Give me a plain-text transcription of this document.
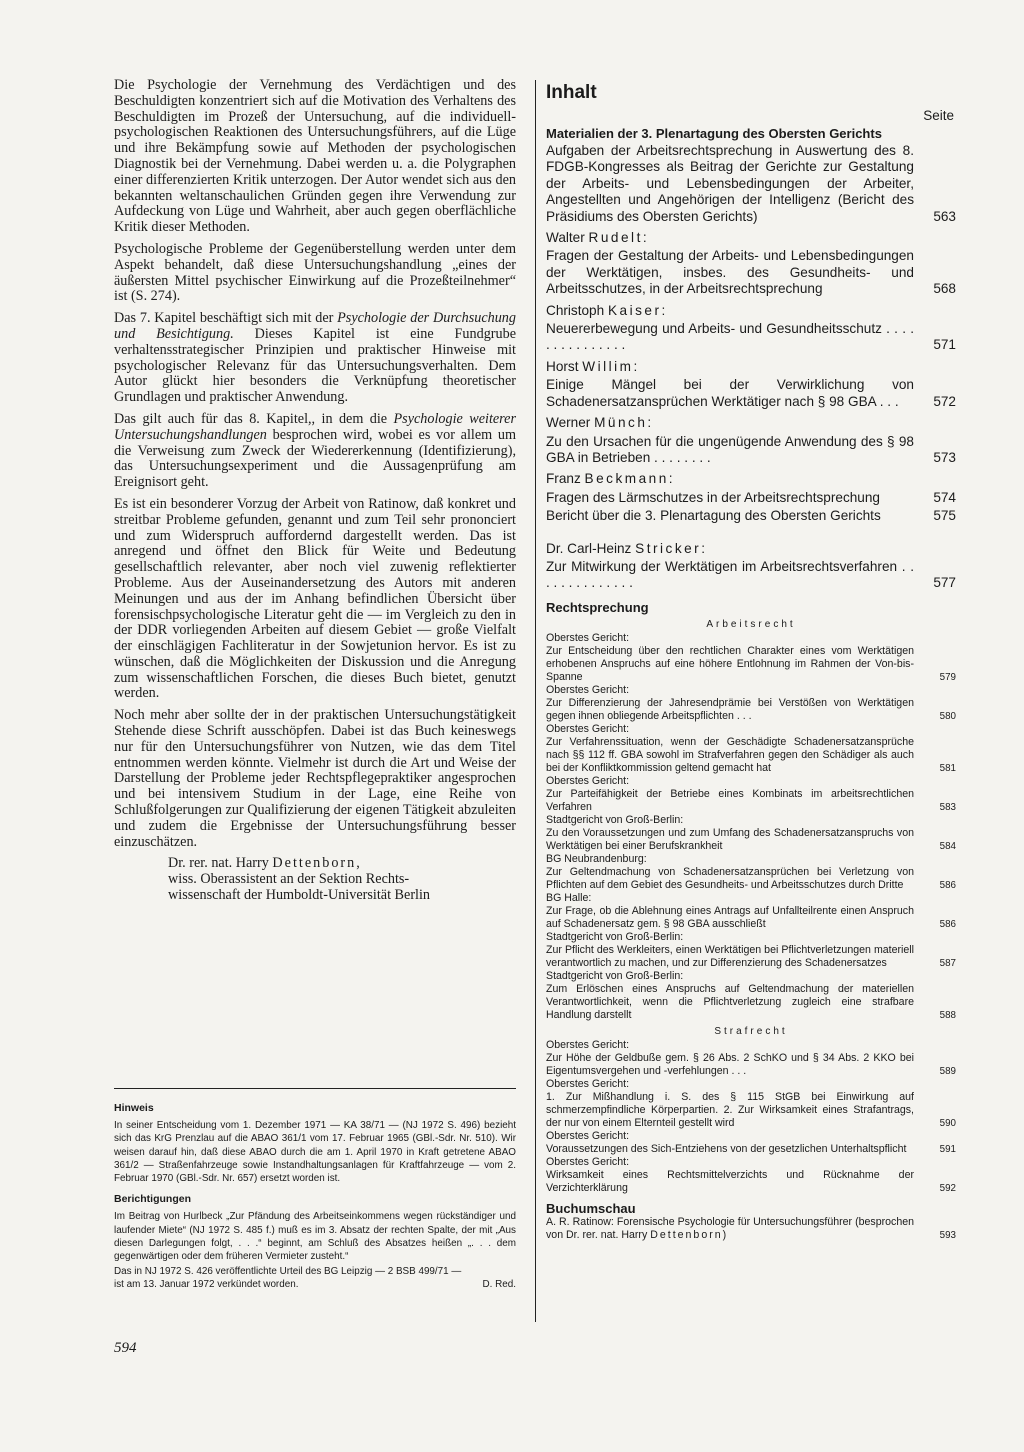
Die Psychologie der Vernehmung des Verdächtigen und des Beschuldigten konzentriert sich auf die Motivation des Verhaltens des Beschuldigten im Prozeß der Untersuchung, auf die individuell-psychologischen Reaktionen des Untersuchungsführers, auf die Lüge und ihre Bekämpfung sowie auf Methoden der psychologischen Diagnostik bei der Vernehmung. Dabei werden u. a. die Polygraphen einer differenzierten Kritik unterzogen. Der Autor wendet sich aus den bekannten weltanschaulichen Gründen gegen ihre Verwendung zur Aufdeckung von Lüge und Wahrheit, aber auch gegen oberflächliche Kritik dieser Methoden.

Psychologische Probleme der Gegenüberstellung werden unter dem Aspekt behandelt, daß diese Untersuchungshandlung „eines der äußersten Mittel psychischer Einwirkung auf die Prozeßteilnehmer“ ist (S. 274).

Das 7. Kapitel beschäftigt sich mit der Psychologie der Durchsuchung und Besichtigung. Dieses Kapitel ist eine Fundgrube verhaltensstrategischer Prinzipien und praktischer Hinweise mit psychologischer Relevanz für das Untersuchungsverhalten. Dem Autor glückt hier besonders die Verknüpfung theoretischer Grundlagen und praktischer Anwendung.

Das gilt auch für das 8. Kapitel,, in dem die Psychologie weiterer Untersuchungshandlungen besprochen wird, wobei es vor allem um die Verweisung zum Zweck der Wiedererkennung (Identifizierung), das Untersuchungsexperiment und die Aussagenprüfung am Ereignisort geht.

Es ist ein besonderer Vorzug der Arbeit von Ratinow, daß konkret und streitbar Probleme gefunden, genannt und zum Teil sehr prononciert und zum Widerspruch auffordernd dargestellt werden. Das ist anregend und öffnet den Blick für Weite und Bedeutung gesellschaftlich relevanter, aber noch viel zuwenig reflektierter Probleme. Aus der Auseinandersetzung des Autors mit anderen Meinungen und aus der im Anhang befindlichen Übersicht über forensischpsychologische Literatur geht die — im Vergleich zu den in der DDR vorliegenden Arbeiten auf diesem Gebiet — große Vielfalt der einschlägigen Fachliteratur in der Sowjetunion hervor. Es ist zu wünschen, daß die Möglichkeiten der Diskussion und die Anregung zum wissenschaftlichen Forschen, die dieses Buch bietet, genutzt werden.

Noch mehr aber sollte der in der praktischen Untersuchungstätigkeit Stehende diese Schrift ausschöpfen. Dabei ist das Buch keineswegs nur für den Untersuchungsführer von Nutzen, wie das dem Titel entnommen werden könnte. Vielmehr ist durch die Art und Weise der Darstellung der Probleme jeder Rechtspflegepraktiker angesprochen und bei intensivem Studium in der Lage, eine Reihe von Schlußfolgerungen zur Qualifizierung der eigenen Tätigkeit abzuleiten und zudem die Ergebnisse der Untersuchungsführung besser einzuschätzen.

Dr. rer. nat. Harry Dettenborn,
wiss. Oberassistent an der Sektion Rechts-
wissenschaft der Humboldt-Universität Berlin
Hinweis

In seiner Entscheidung vom 1. Dezember 1971 — KA 38/71 — (NJ 1972 S. 496) bezieht sich das KrG Prenzlau auf die ABAO 361/1 vom 17. Februar 1965 (GBl.-Sdr. Nr. 510). Wir weisen darauf hin, daß diese ABAO durch die am 1. April 1970 in Kraft getretene ABAO 361/2 — Straßenfahrzeuge sowie Instandhaltungsanlagen für Kraftfahrzeuge — vom 2. Februar 1970 (GBl.-Sdr. Nr. 657) ersetzt worden ist.

Berichtigungen

Im Beitrag von Hurlbeck „Zur Pfändung des Arbeitseinkommens wegen rückständiger und laufender Miete“ (NJ 1972 S. 485 f.) muß es im 3. Absatz der rechten Spalte, der mit „Aus diesen Darlegungen folgt, . . .“ beginnt, am Schluß des Absatzes heißen „. . . dem gegenwärtigen oder dem früheren Vermieter zusteht.“

Das in NJ 1972 S. 426 veröffentlichte Urteil des BG Leipzig — 2 BSB 499/71 — ist am 13. Januar 1972 verkündet worden.	D. Red.
594
Inhalt
Seite
Materialien der 3. Plenartagung des Obersten Gerichts
Aufgaben der Arbeitsrechtsprechung in Auswertung des 8. FDGB-Kongresses als Beitrag der Gerichte zur Gestaltung der Arbeits- und Lebensbedingungen der Arbeiter, Angestellten und Angehörigen der Intelligenz (Bericht des Präsidiums des Obersten Gerichts)	563
Walter Rudelt:
Fragen der Gestaltung der Arbeits- und Lebensbedingungen der Werktätigen, insbes. des Gesundheits- und Arbeitsschutzes, in der Arbeitsrechtsprechung	568
Christoph Kaiser:
Neuererbewegung und Arbeits- und Gesundheitsschutz . . . . . . . . . . . . . . .	571
Horst Willim:
Einige Mängel bei der Verwirklichung von Schadenersatzansprüchen Werktätiger nach § 98 GBA . . .	572
Werner Münch:
Zu den Ursachen für die ungenügende Anwendung des § 98 GBA in Betrieben . . . . . . . .	573
Franz Beckmann:
Fragen des Lärmschutzes in der Arbeitsrechtsprechung	574
Bericht über die 3. Plenartagung des Obersten Gerichts	575
Dr. Carl-Heinz Stricker:
Zur Mitwirkung der Werktätigen im Arbeitsrechtsverfahren . . . . . . . . . . . . . .	577
Rechtsprechung
Arbeitsrecht
Oberstes Gericht:
Zur Entscheidung über den rechtlichen Charakter eines vom Werktätigen erhobenen Anspruchs auf eine höhere Entlohnung im Rahmen der Von-bis-Spanne	579
Oberstes Gericht:
Zur Differenzierung der Jahresendprämie bei Verstößen von Werktätigen gegen ihnen obliegende Arbeitspflichten . . .	580
Oberstes Gericht:
Zur Verfahrenssituation, wenn der Geschädigte Schadenersatzansprüche nach §§ 112 ff. GBA sowohl im Strafverfahren gegen den Schädiger als auch bei der Konfliktkommission geltend gemacht hat	581
Oberstes Gericht:
Zur Parteifähigkeit der Betriebe eines Kombinats im arbeitsrechtlichen Verfahren	583
Stadtgericht von Groß-Berlin:
Zu den Voraussetzungen und zum Umfang des Schadenersatzanspruchs von Werktätigen bei einer Berufskrankheit	584
BG Neubrandenburg:
Zur Geltendmachung von Schadenersatzansprüchen bei Verletzung von Pflichten auf dem Gebiet des Gesundheits- und Arbeitsschutzes durch Dritte	586
BG Halle:
Zur Frage, ob die Ablehnung eines Antrags auf Unfallteilrente einen Anspruch auf Schadenersatz gem. § 98 GBA ausschließt	586
Stadtgericht von Groß-Berlin:
Zur Pflicht des Werkleiters, einen Werktätigen bei Pflichtverletzungen materiell verantwortlich zu machen, und zur Differenzierung des Schadenersatzes	587
Stadtgericht von Groß-Berlin:
Zum Erlöschen eines Anspruchs auf Geltendmachung der materiellen Verantwortlichkeit, wenn die Pflichtverletzung zugleich eine strafbare Handlung darstellt	588
Strafrecht
Oberstes Gericht:
Zur Höhe der Geldbuße gem. § 26 Abs. 2 SchKO und § 34 Abs. 2 KKO bei Eigentumsvergehen und -verfehlungen . . .	589
Oberstes Gericht:
1. Zur Mißhandlung i. S. des § 115 StGB bei Einwirkung auf schmerzempfindliche Körperpartien. 2. Zur Wirksamkeit eines Strafantrags, der nur von einem Elternteil gestellt wird	590
Oberstes Gericht:
Voraussetzungen des Sich-Entziehens von der gesetzlichen Unterhaltspflicht	591
Oberstes Gericht:
Wirksamkeit eines Rechtsmittelverzichts und Rücknahme der Verzichterklärung	592
Buchumschau
A. R. Ratinow: Forensische Psychologie für Untersuchungsführer (besprochen von Dr. rer. nat. Harry Dettenborn)	593
